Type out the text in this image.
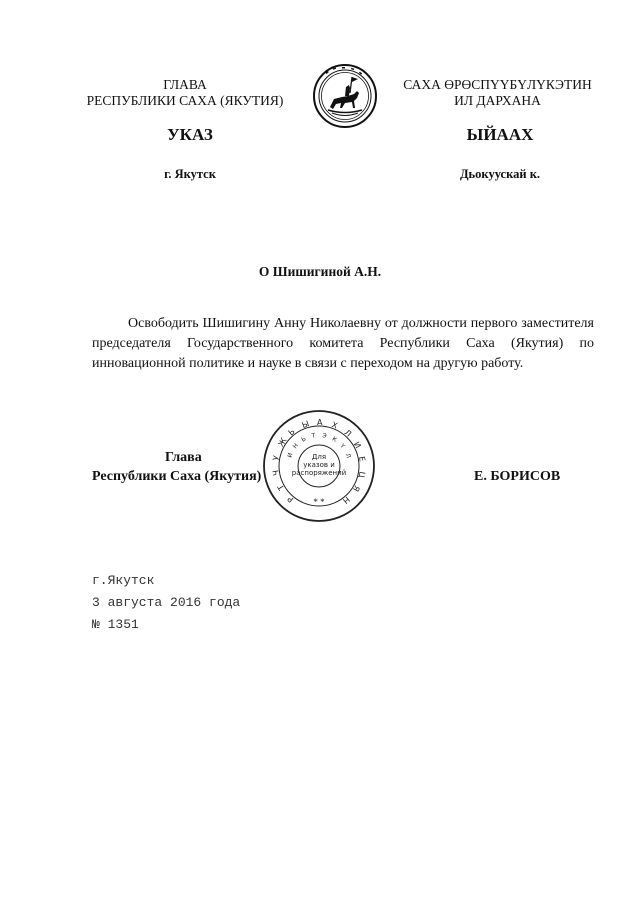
ГЛАВА
РЕСПУБЛИКИ САХА (ЯКУТИЯ)
САХА ӨРӨСПҮҮБҮЛҮКЭТИН
ИЛ ДАРХАНА
УКАЗ	ЫЙААХ
г. Якутск	Дьокуускай к.
О Шишигиной А.Н.
Освободить Шишигину Анну Николаевну от должности первого заместителя председателя Государственного комитета Республики Саха (Якутия) по инновационной политике и науке в связи с переходом на другую работу.
Глава
Республики Саха (Якутия)	Е. БОРИСОВ
Ж
Ь
Ы А Х
Л
И
Е
Ц
У
Ч
Т	Я
Н
Р
Н
Ь Т Э К
Ү
Л
И
* *
Для
указов и
распоряжений
г.Якутск
3 августа 2016 года
№ 1351
